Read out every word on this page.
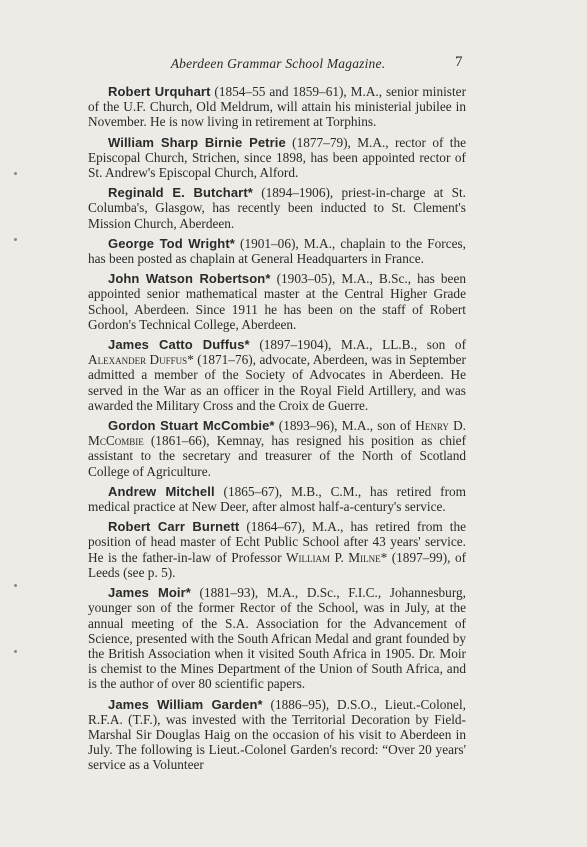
Aberdeen Grammar School Magazine.	7

Robert Urquhart (1854–55 and 1859–61), M.A., senior minister of the U.F. Church, Old Meldrum, will attain his ministerial jubilee in November. He is now living in retirement at Torphins.

William Sharp Birnie Petrie (1877–79), M.A., rector of the Episcopal Church, Strichen, since 1898, has been appointed rector of St. Andrew's Episcopal Church, Alford.

Reginald E. Butchart* (1894–1906), priest-in-charge at St. Columba's, Glasgow, has recently been inducted to St. Clement's Mission Church, Aberdeen.

George Tod Wright* (1901–06), M.A., chaplain to the Forces, has been posted as chaplain at General Headquarters in France.

John Watson Robertson* (1903–05), M.A., B.Sc., has been appointed senior mathematical master at the Central Higher Grade School, Aberdeen. Since 1911 he has been on the staff of Robert Gordon's Technical College, Aberdeen.

James Catto Duffus* (1897–1904), M.A., LL.B., son of Alexander Duffus* (1871–76), advocate, Aberdeen, was in September admitted a member of the Society of Advocates in Aberdeen. He served in the War as an officer in the Royal Field Artillery, and was awarded the Military Cross and the Croix de Guerre.

Gordon Stuart McCombie* (1893–96), M.A., son of Henry D. McCombie (1861–66), Kemnay, has resigned his position as chief assistant to the secretary and treasurer of the North of Scotland College of Agriculture.

Andrew Mitchell (1865–67), M.B., C.M., has retired from medical practice at New Deer, after almost half-a-century's service.

Robert Carr Burnett (1864–67), M.A., has retired from the position of head master of Echt Public School after 43 years' service. He is the father-in-law of Professor William P. Milne* (1897–99), of Leeds (see p. 5).

James Moir* (1881–93), M.A., D.Sc., F.I.C., Johannesburg, younger son of the former Rector of the School, was in July, at the annual meeting of the S.A. Association for the Advancement of Science, presented with the South African Medal and grant founded by the British Association when it visited South Africa in 1905. Dr. Moir is chemist to the Mines Department of the Union of South Africa, and is the author of over 80 scientific papers.

James William Garden* (1886–95), D.S.O., Lieut.-Colonel, R.F.A. (T.F.), was invested with the Territorial Decoration by Field-Marshal Sir Douglas Haig on the occasion of his visit to Aberdeen in July. The following is Lieut.-Colonel Garden's record: “Over 20 years' service as a Volunteer
